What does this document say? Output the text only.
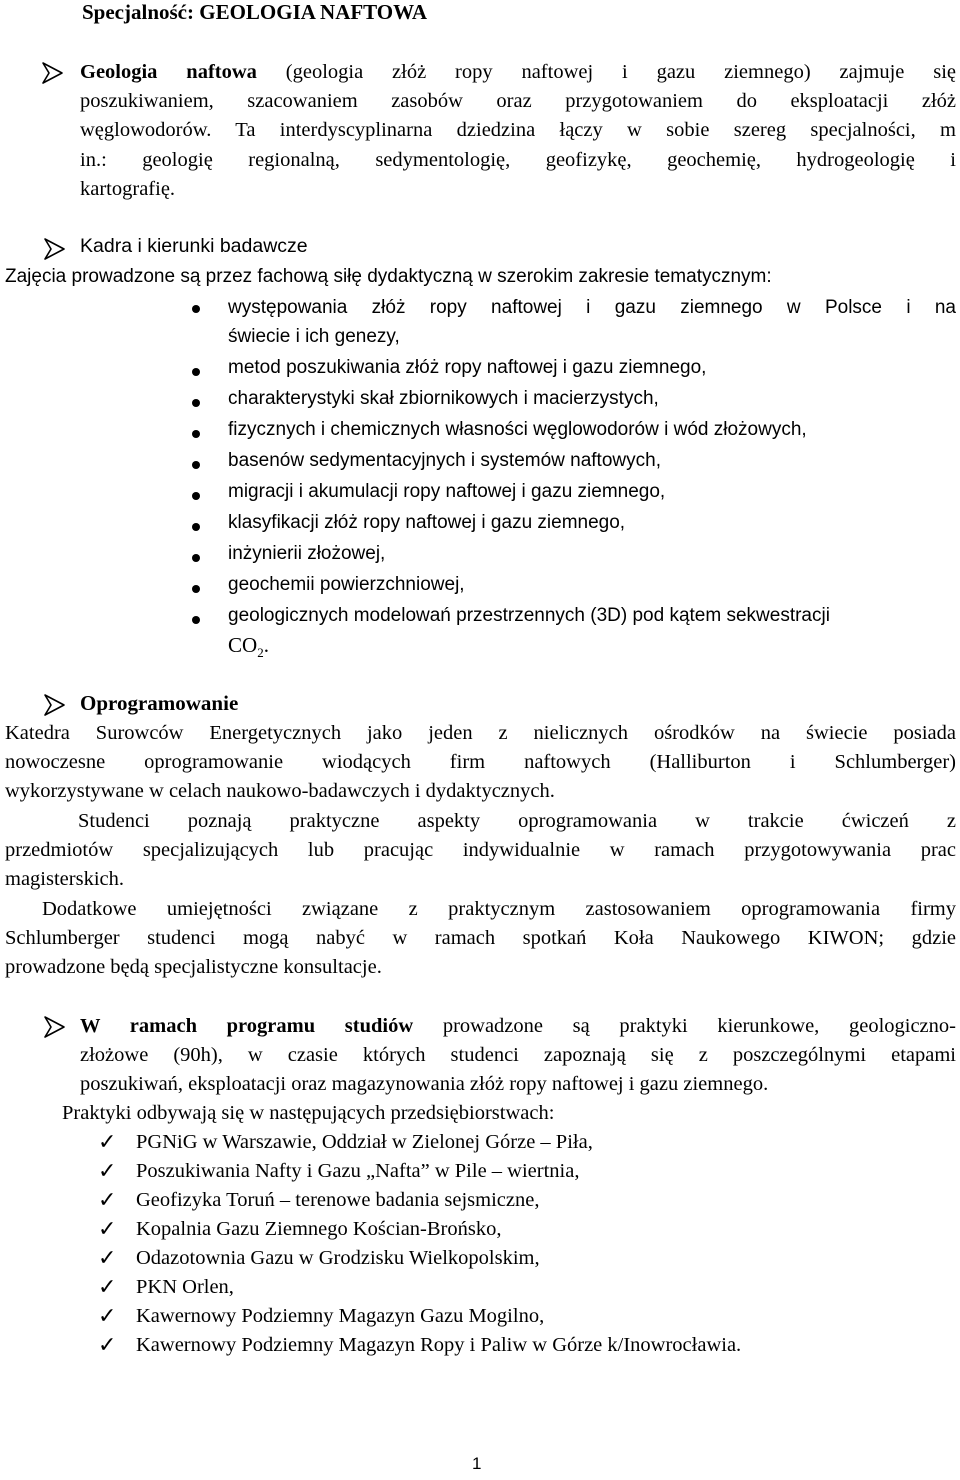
Specjalność: GEOLOGIA NAFTOWA
Geologia naftowa (geologia złóż ropy naftowej i gazu ziemnego) zajmuje się
poszukiwaniem, szacowaniem zasobów oraz przygotowaniem do eksploatacji złóż
węglowodorów. Ta interdyscyplinarna dziedzina łączy w sobie szereg specjalności, m
in.: geologię regionalną, sedymentologię, geofizykę, geochemię, hydrogeologię i
kartografię.
Kadra i kierunki badawcze
Zajęcia prowadzone są przez fachową siłę dydaktyczną w szerokim zakresie tematycznym:
występowania złóż ropy naftowej i gazu ziemnego w Polsce i na
świecie i ich genezy,
metod poszukiwania złóż ropy naftowej i gazu ziemnego,
charakterystyki skał zbiornikowych i macierzystych,
fizycznych i chemicznych własności węglowodorów i wód złożowych,
basenów sedymentacyjnych i systemów naftowych,
migracji i akumulacji ropy naftowej i gazu ziemnego,
klasyfikacji złóż ropy naftowej i gazu ziemnego,
inżynierii złożowej,
geochemii powierzchniowej,
geologicznych modelowań przestrzennych (3D) pod kątem sekwestracji
$CO_2$.
Oprogramowanie
Katedra Surowców Energetycznych jako jeden z nielicznych ośrodków na świecie posiada
nowoczesne oprogramowanie wiodących firm naftowych (Halliburton i Schlumberger)
wykorzystywane w celach naukowo-badawczych i dydaktycznych.
Studenci poznają praktyczne aspekty oprogramowania w trakcie ćwiczeń z
przedmiotów specjalizujących lub pracując indywidualnie w ramach przygotowywania prac
magisterskich.
Dodatkowe umiejętności związane z praktycznym zastosowaniem oprogramowania firmy
Schlumberger studenci mogą nabyć w ramach spotkań Koła Naukowego KIWON; gdzie
prowadzone będą specjalistyczne konsultacje.
W ramach programu studiów prowadzone są praktyki kierunkowe, geologiczno-
złożowe (90h), w czasie których studenci zapoznają się z poszczególnymi etapami
poszukiwań, eksploatacji oraz magazynowania złóż ropy naftowej i gazu ziemnego.
Praktyki odbywają się w następujących przedsiębiorstwach:
✓ PGNiG w Warszawie, Oddział w Zielonej Górze – Piła,
✓ Poszukiwania Nafty i Gazu „Nafta” w Pile – wiertnia,
✓ Geofizyka Toruń – terenowe badania sejsmiczne,
✓ Kopalnia Gazu Ziemnego Kościan-Brońsko,
✓ Odazotownia Gazu w Grodzisku Wielkopolskim,
✓ PKN Orlen,
✓ Kawernowy Podziemny Magazyn Gazu Mogilno,
✓ Kawernowy Podziemny Magazyn Ropy i Paliw w Górze k/Inowrocławia.
1
